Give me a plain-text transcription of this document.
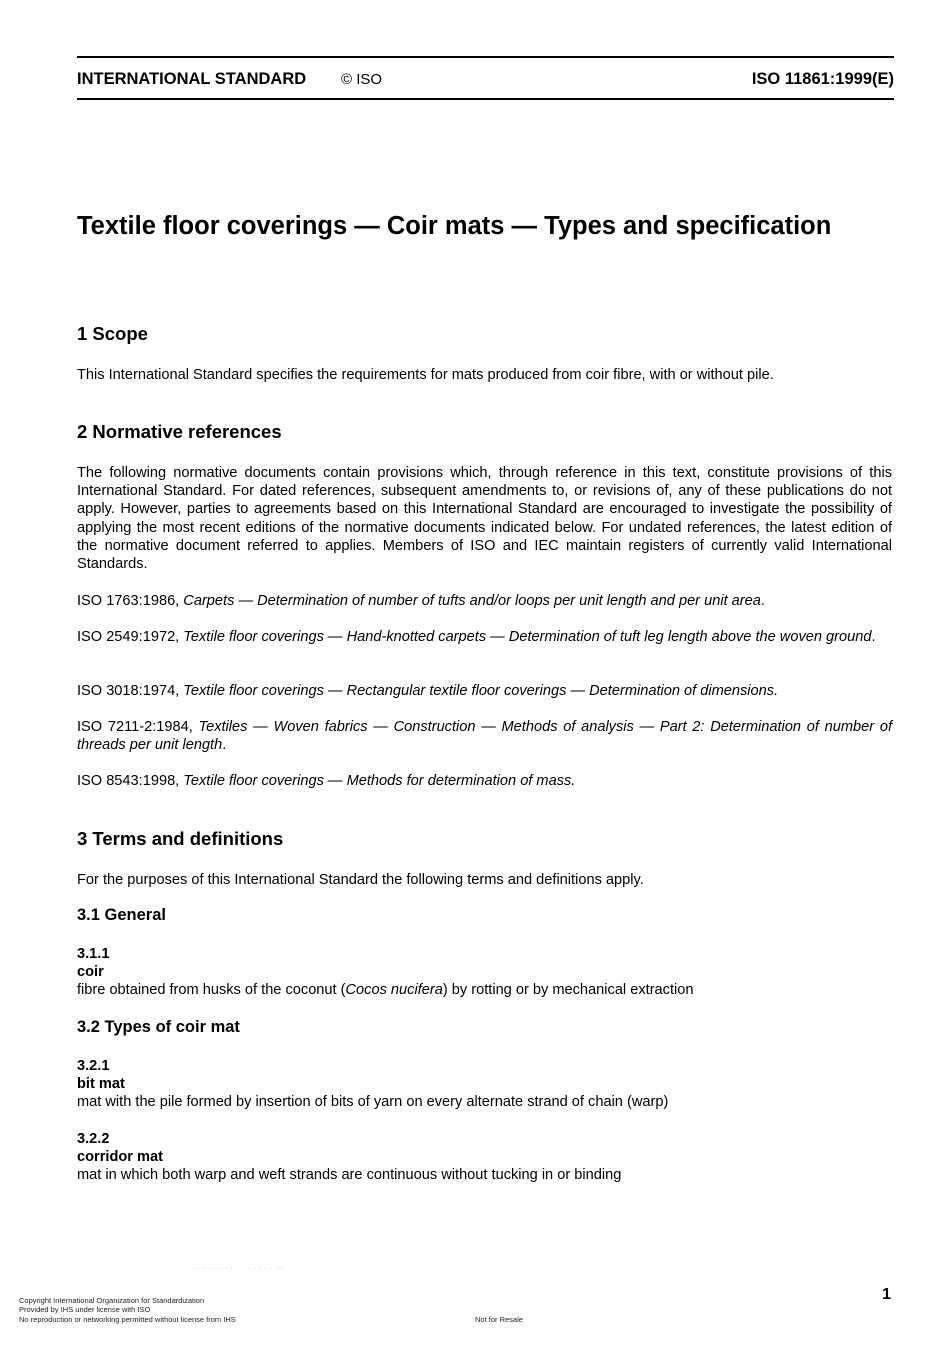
INTERNATIONAL STANDARD © ISO	ISO 11861:1999(E)
Textile floor coverings — Coir mats — Types and specification
1 Scope

This International Standard specifies the requirements for mats produced from coir fibre, with or without pile.

2 Normative references

The following normative documents contain provisions which, through reference in this text, constitute provisions of this International Standard. For dated references, subsequent amendments to, or revisions of, any of these publications do not apply. However, parties to agreements based on this International Standard are encouraged to investigate the possibility of applying the most recent editions of the normative documents indicated below. For undated references, the latest edition of the normative document referred to applies. Members of ISO and IEC maintain registers of currently valid International Standards.

ISO 1763:1986, Carpets — Determination of number of tufts and/or loops per unit length and per unit area.

ISO 2549:1972, Textile floor coverings — Hand-knotted carpets — Determination of tuft leg length above the woven ground.

ISO 3018:1974, Textile floor coverings — Rectangular textile floor coverings — Determination of dimensions.

ISO 7211-2:1984, Textiles — Woven fabrics — Construction — Methods of analysis — Part 2: Determination of number of threads per unit length.

ISO 8543:1998, Textile floor coverings — Methods for determination of mass.

3 Terms and definitions

For the purposes of this International Standard the following terms and definitions apply.

3.1 General
3.1.1
coir
fibre obtained from husks of the coconut (Cocos nucifera) by rotting or by mechanical extraction
3.2 Types of coir mat
3.2.1
bit mat
mat with the pile formed by insertion of bits of yarn on every alternate strand of chain (warp)
3.2.2
corridor mat
mat in which both warp and weft strands are continuous without tucking in or binding
·· ·· ···· · · · · · · · · · ···
Copyright International Organization for Standardization
Provided by IHS under license with ISO
No reproduction or networking permitted without license from IHS	Not for Resale
1
